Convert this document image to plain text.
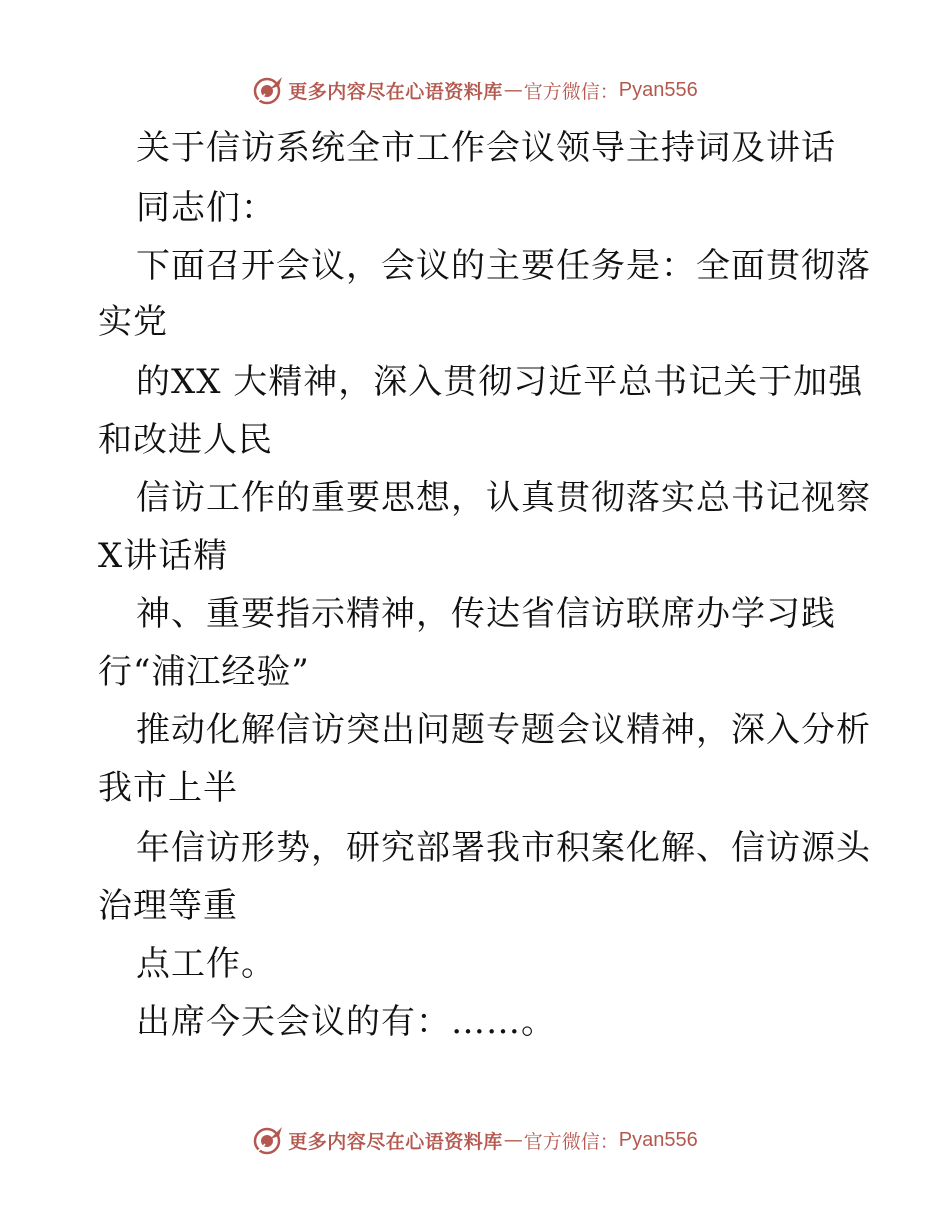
更多内容尽在心语资料库 — 官方微信： Pyan556
关于信访系统全市工作会议领导主持词及讲话
同志们：
下面召开会议，会议的主要任务是：全面贯彻落
实党
的XX 大精神，深入贯彻习近平总书记关于加强
和改进人民
信访工作的重要思想，认真贯彻落实总书记视察
X讲话精
神、重要指示精神，传达省信访联席办学习践
行“浦江经验”
推动化解信访突出问题专题会议精神，深入分析
我市上半
年信访形势，研究部署我市积案化解、信访源头
治理等重
点工作。
出席今天会议的有：……。
更多内容尽在心语资料库 — 官方微信： Pyan556
